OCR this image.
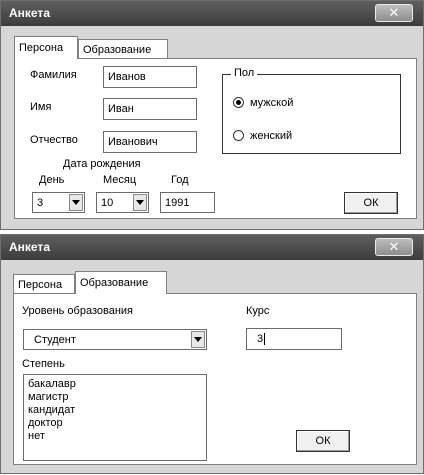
Анкета	✕
Персона Образование
Фамилия	Иванов
Имя	Иван
Отчество	Иванович
Дата рождения
День	Месяц	Год
3	10	1991
Пол
мужской
женский
ОК
Анкета	✕
Персона Образование
Уровень образования
Студент
Курс
3
Степень
бакалавр
магистр
кандидат
доктор
нет	ОК
